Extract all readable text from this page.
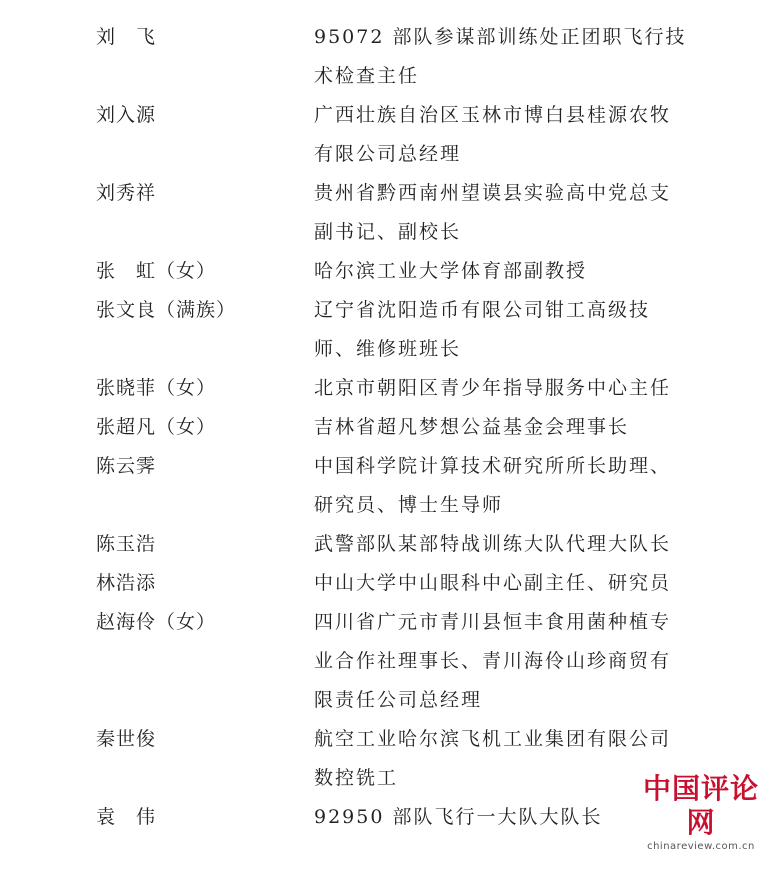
刘　飞	95072 部队参谋部训练处正团职飞行技
术检查主任
刘入源	广西壮族自治区玉林市博白县桂源农牧
有限公司总经理
刘秀祥	贵州省黔西南州望谟县实验高中党总支
副书记、副校长
张　虹（女）	哈尔滨工业大学体育部副教授
张文良（满族）	辽宁省沈阳造币有限公司钳工高级技
师、维修班班长
张晓菲（女）	北京市朝阳区青少年指导服务中心主任
张超凡（女）	吉林省超凡梦想公益基金会理事长
陈云霁	中国科学院计算技术研究所所长助理、
研究员、博士生导师
陈玉浩	武警部队某部特战训练大队代理大队长
林浩添	中山大学中山眼科中心副主任、研究员
赵海伶（女）	四川省广元市青川县恒丰食用菌种植专
业合作社理事长、青川海伶山珍商贸有
限责任公司总经理
秦世俊	航空工业哈尔滨飞机工业集团有限公司
数控铣工
袁　伟	92950 部队飞行一大队大队长
中国评论网
chinareview.com.cn
